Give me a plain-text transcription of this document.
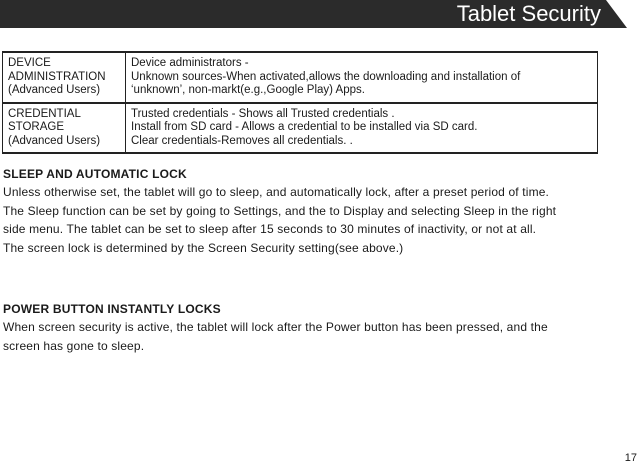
Tablet Security
DEVICE
ADMINISTRATION
(Advanced Users)	Device administrators -
Unknown sources-When activated,allows the downloading and installation of
‘unknown’, non-markt(e.g.,Google Play) Apps.

CREDENTIAL
STORAGE
(Advanced Users)	Trusted credentials - Shows all Trusted credentials .
Install from SD card - Allows a credential to be installed via SD card.
Clear credentials-Removes all credentials. .
SLEEP AND AUTOMATIC LOCK
Unless otherwise set, the tablet will go to sleep, and automatically lock, after a preset period of time.
The Sleep function can be set by going to Settings, and the to Display and selecting Sleep in the right
side menu. The tablet can be set to sleep after 15 seconds to 30 minutes of inactivity, or not at all.
The screen lock is determined by the Screen Security setting(see above.)
POWER BUTTON INSTANTLY LOCKS
When screen security is active, the tablet will lock after the Power button has been pressed, and the
screen has gone to sleep.
17
